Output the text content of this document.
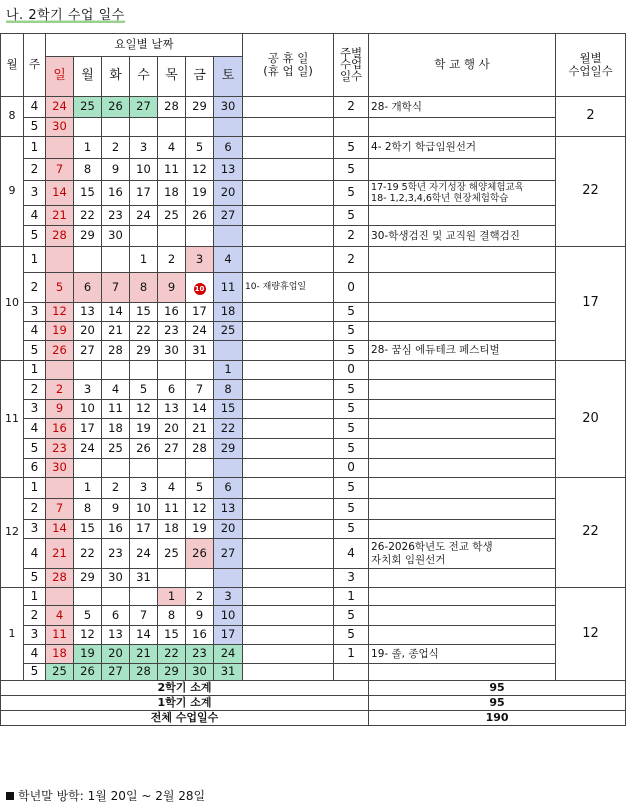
나. 2학기 수업 일수
월	주	요일별 날짜							공 휴 일
(휴 업 일)	주별
수업
일수	학 교 행 사	월별
수업일수
		일	월	화	수	목	금	토				
8	4	24	25	26	27	28	29	30		2	28- 개학식	2
	5	30										
9	1		1	2	3	4	5	6		5	4- 2학기 학급임원선거	22
	2	7	8	9	10	11	12	13		5		
	3	14	15	16	17	18	19	20		5	17-19 5학년 자기성장 해양체험교육
18- 1,2,3,4,6학년 현장체험학습	
	4	21	22	23	24	25	26	27		5		
	5	28	29	30						2	30-학생검진 및 교직원 결핵검진	
10	1				1	2	3	4		2		17
	2	5	6	7	8	9	10	11	10- 재량휴업일	0		
	3	12	13	14	15	16	17	18		5		
	4	19	20	21	22	23	24	25		5		
	5	26	27	28	29	30	31			5	28- 꿈심 에듀테크 페스티벌	
11	1							1		0		20
	2	2	3	4	5	6	7	8		5		
	3	9	10	11	12	13	14	15		5		
	4	16	17	18	19	20	21	22		5		
	5	23	24	25	26	27	28	29		5		
	6	30								0		
12	1		1	2	3	4	5	6		5		22
	2	7	8	9	10	11	12	13		5		
	3	14	15	16	17	18	19	20		5		
	4	21	22	23	24	25	26	27		4	26-2026학년도 전교 학생
자치회 임원선거	
	5	28	29	30	31					3		
1	1					1	2	3		1		12
	2	4	5	6	7	8	9	10		5		
	3	11	12	13	14	15	16	17		5		
	4	18	19	20	21	22	23	24		1	19- 졸, 종업식	
	5	25	26	27	28	29	30	31				
2학기 소계											95	
1학기 소계											95	
전체 수업일수											190	
학년말 방학: 1월 20일 ~ 2월 28일
